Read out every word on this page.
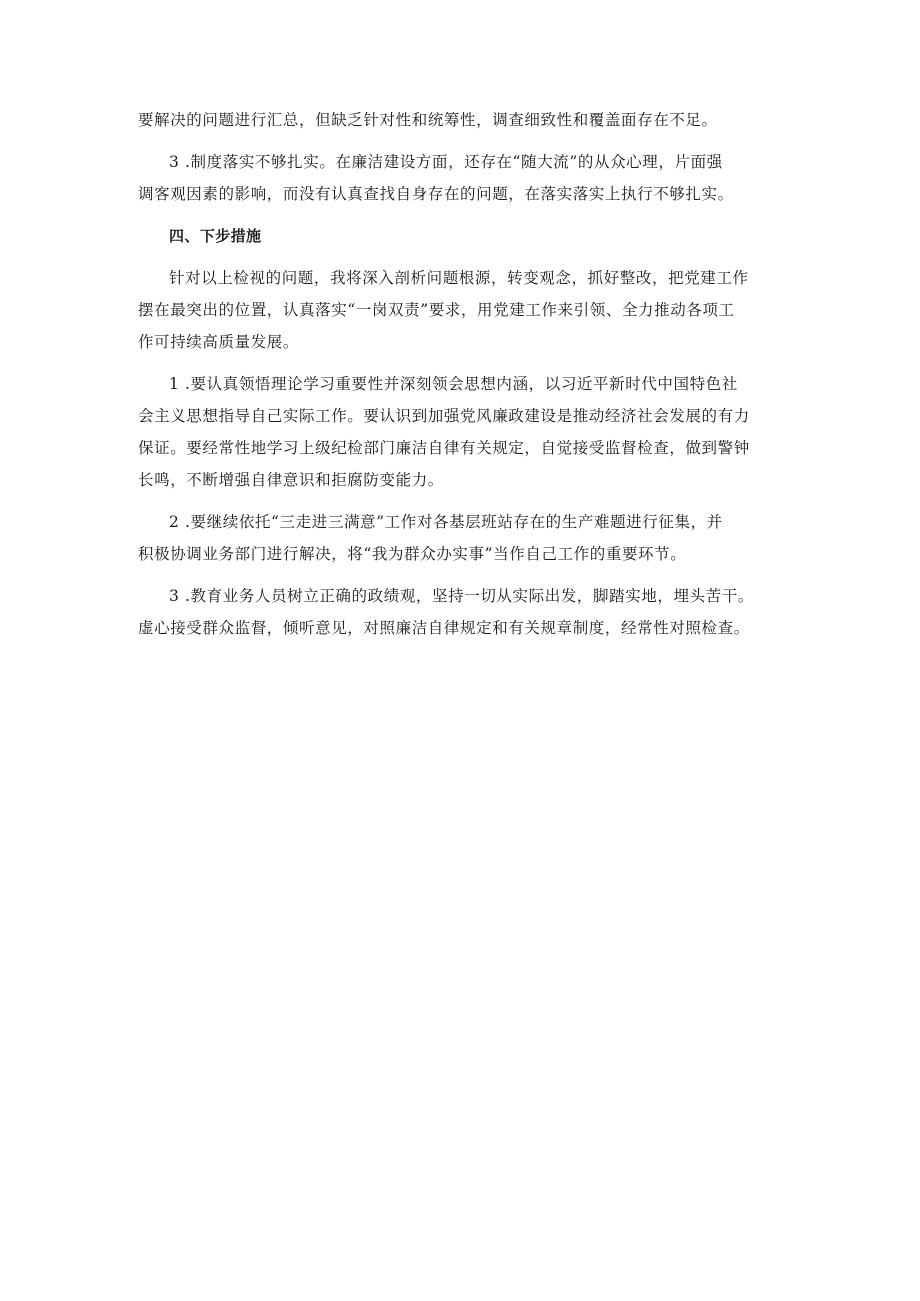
要解决的问题进行汇总，但缺乏针对性和统筹性，调查细致性和覆盖面存在不足。
3 .制度落实不够扎实。在廉洁建设方面，还存在“随大流”的从众心理，片面强
调客观因素的影响，而没有认真查找自身存在的问题，在落实落实上执行不够扎实。
四、下步措施
针对以上检视的问题，我将深入剖析问题根源，转变观念，抓好整改，把党建工作
摆在最突出的位置，认真落实“一岗双责”要求，用党建工作来引领、全力推动各项工
作可持续高质量发展。
1 .要认真领悟理论学习重要性并深刻领会思想内涵，以习近平新时代中国特色社
会主义思想指导自己实际工作。要认识到加强党风廉政建设是推动经济社会发展的有力
保证。要经常性地学习上级纪检部门廉洁自律有关规定，自觉接受监督检查，做到警钟
长鸣，不断增强自律意识和拒腐防变能力。
2 .要继续依托“三走进三满意”工作对各基层班站存在的生产难题进行征集，并
积极协调业务部门进行解决，将“我为群众办实事”当作自己工作的重要环节。
3 .教育业务人员树立正确的政绩观，坚持一切从实际出发，脚踏实地，埋头苦干。
虚心接受群众监督，倾听意见，对照廉洁自律规定和有关规章制度，经常性对照检查。
